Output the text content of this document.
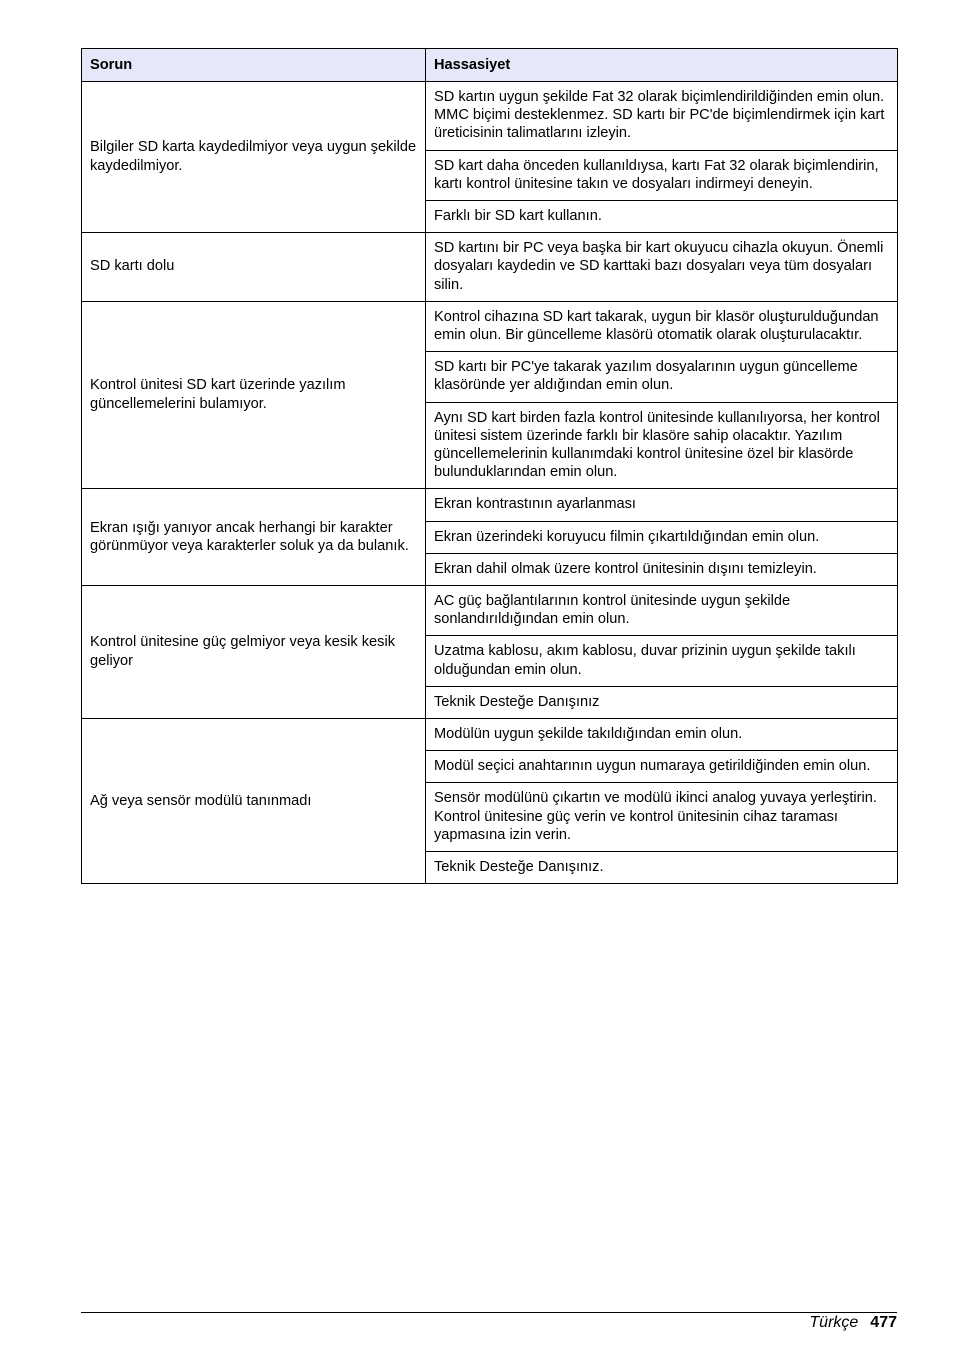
Sorun	Hassasiyet
Bilgiler SD karta kaydedilmiyor veya uygun şekilde kaydedilmiyor.	SD kartın uygun şekilde Fat 32 olarak biçimlendirildiğinden emin olun. MMC biçimi desteklenmez. SD kartı bir PC'de biçimlendirmek için kart üreticisinin talimatlarını izleyin.
	SD kart daha önceden kullanıldıysa, kartı Fat 32 olarak biçimlendirin, kartı kontrol ünitesine takın ve dosyaları indirmeyi deneyin.
	Farklı bir SD kart kullanın.
SD kartı dolu	SD kartını bir PC veya başka bir kart okuyucu cihazla okuyun. Önemli dosyaları kaydedin ve SD karttaki bazı dosyaları veya tüm dosyaları silin.
Kontrol ünitesi SD kart üzerinde yazılım güncellemelerini bulamıyor.	Kontrol cihazına SD kart takarak, uygun bir klasör oluşturulduğundan emin olun. Bir güncelleme klasörü otomatik olarak oluşturulacaktır.
	SD kartı bir PC'ye takarak yazılım dosyalarının uygun güncelleme klasöründe yer aldığından emin olun.
	Aynı SD kart birden fazla kontrol ünitesinde kullanılıyorsa, her kontrol ünitesi sistem üzerinde farklı bir klasöre sahip olacaktır. Yazılım güncellemelerinin kullanımdaki kontrol ünitesine özel bir klasörde bulunduklarından emin olun.
Ekran ışığı yanıyor ancak herhangi bir karakter görünmüyor veya karakterler soluk ya da bulanık.	Ekran kontrastının ayarlanması
	Ekran üzerindeki koruyucu filmin çıkartıldığından emin olun.
	Ekran dahil olmak üzere kontrol ünitesinin dışını temizleyin.
Kontrol ünitesine güç gelmiyor veya kesik kesik geliyor	AC güç bağlantılarının kontrol ünitesinde uygun şekilde sonlandırıldığından emin olun.
	Uzatma kablosu, akım kablosu, duvar prizinin uygun şekilde takılı olduğundan emin olun.
	Teknik Desteğe Danışınız
Ağ veya sensör modülü tanınmadı	Modülün uygun şekilde takıldığından emin olun.
	Modül seçici anahtarının uygun numaraya getirildiğinden emin olun.
	Sensör modülünü çıkartın ve modülü ikinci analog yuvaya yerleştirin. Kontrol ünitesine güç verin ve kontrol ünitesinin cihaz taraması yapmasına izin verin.
	Teknik Desteğe Danışınız.
Türkçe 477
